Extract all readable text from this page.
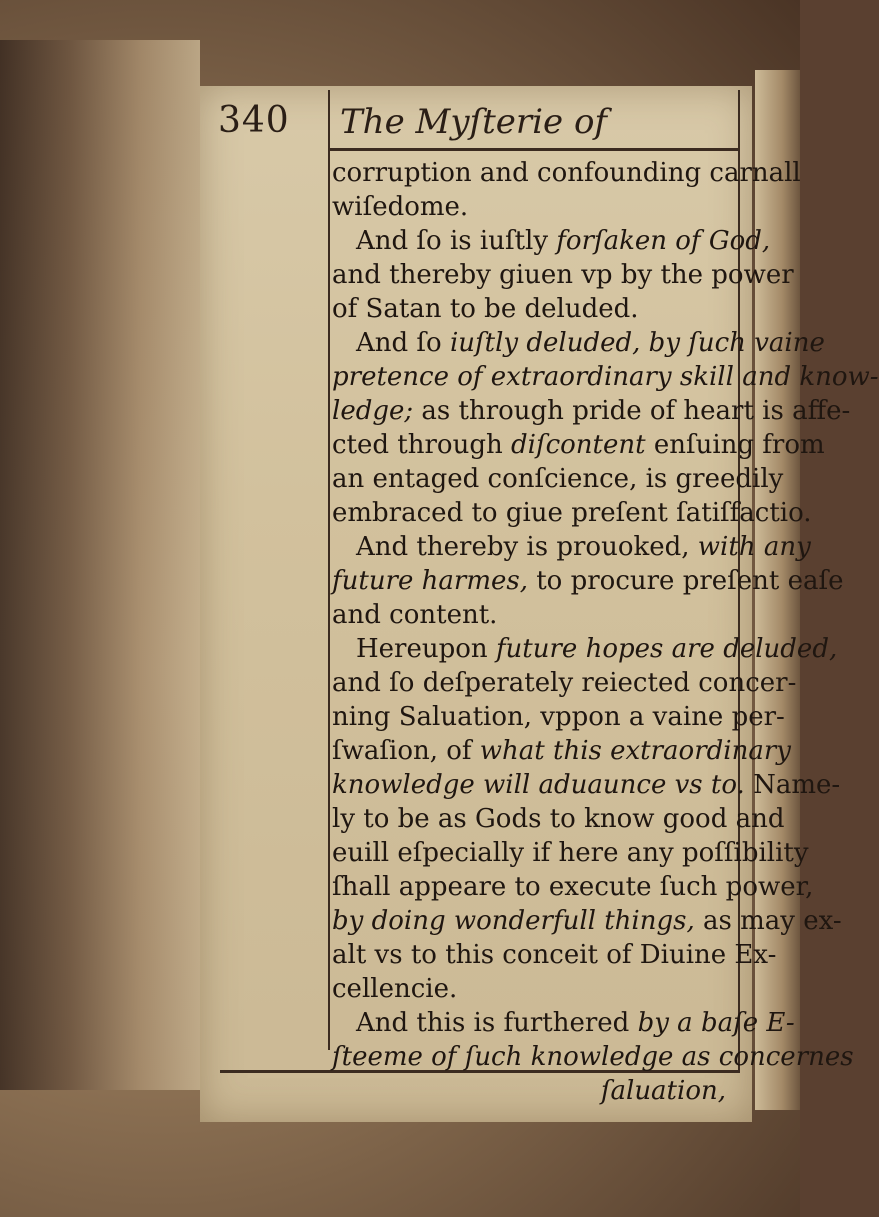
340 The Myſterie of
corruption and confounding carnall
wiſedome.
And ſo is iuſtly forſaken of God,
and thereby giuen vp by the power
of Satan to be deluded.
And ſo iuſtly deluded, by ſuch vaine
pretence of extraordinary skill and know-
ledge; as through pride of heart is affe-
cted through diſcontent enſuing from
an entaged conſcience, is greedily
embraced to giue preſent ſatiſfactio.
And thereby is prouoked, with any
future harmes, to procure preſent eaſe
and content.
Hereupon future hopes are deluded,
and ſo deſperately reiected concer-
ning Saluation, vppon a vaine per-
ſwaſion, of what this extraordinary
knowledge will aduaunce vs to. Name-
ly to be as Gods to know good and
euill eſpecially if here any poſſibility
ſhall appeare to execute ſuch power,
by doing wonderfull things, as may ex-
alt vs to this conceit of Diuine Ex-
cellencie.
And this is furthered by a baſe E-
ſteeme of ſuch knowledge as concernes
ſaluation,
